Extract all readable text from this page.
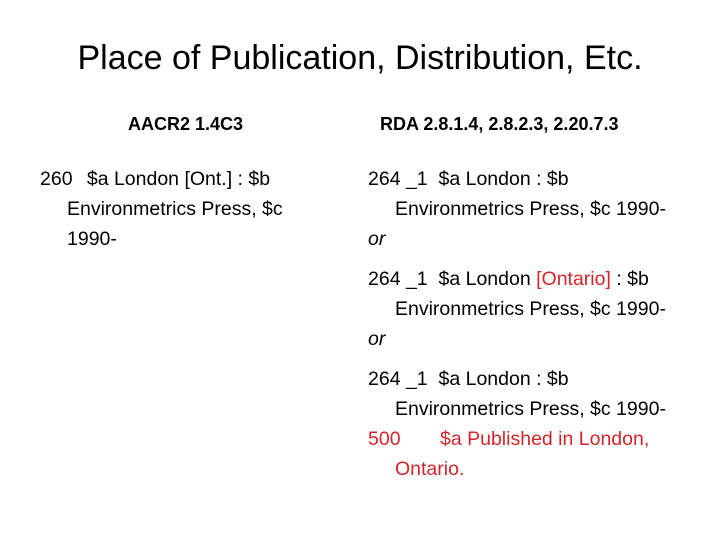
Place of Publication, Distribution, Etc.
AACR2 1.4C3
260 $a London [Ont.] : $b
Environmetrics Press, $c
1990-
RDA 2.8.1.4, 2.8.2.3, 2.20.7.3
264 _1 $a London : $b
Environmetrics Press, $c 1990-
or
264 _1 $a London [Ontario] : $b
Environmetrics Press, $c 1990-
or
264 _1 $a London : $b
Environmetrics Press, $c 1990-
500 $a Published in London,
Ontario.
